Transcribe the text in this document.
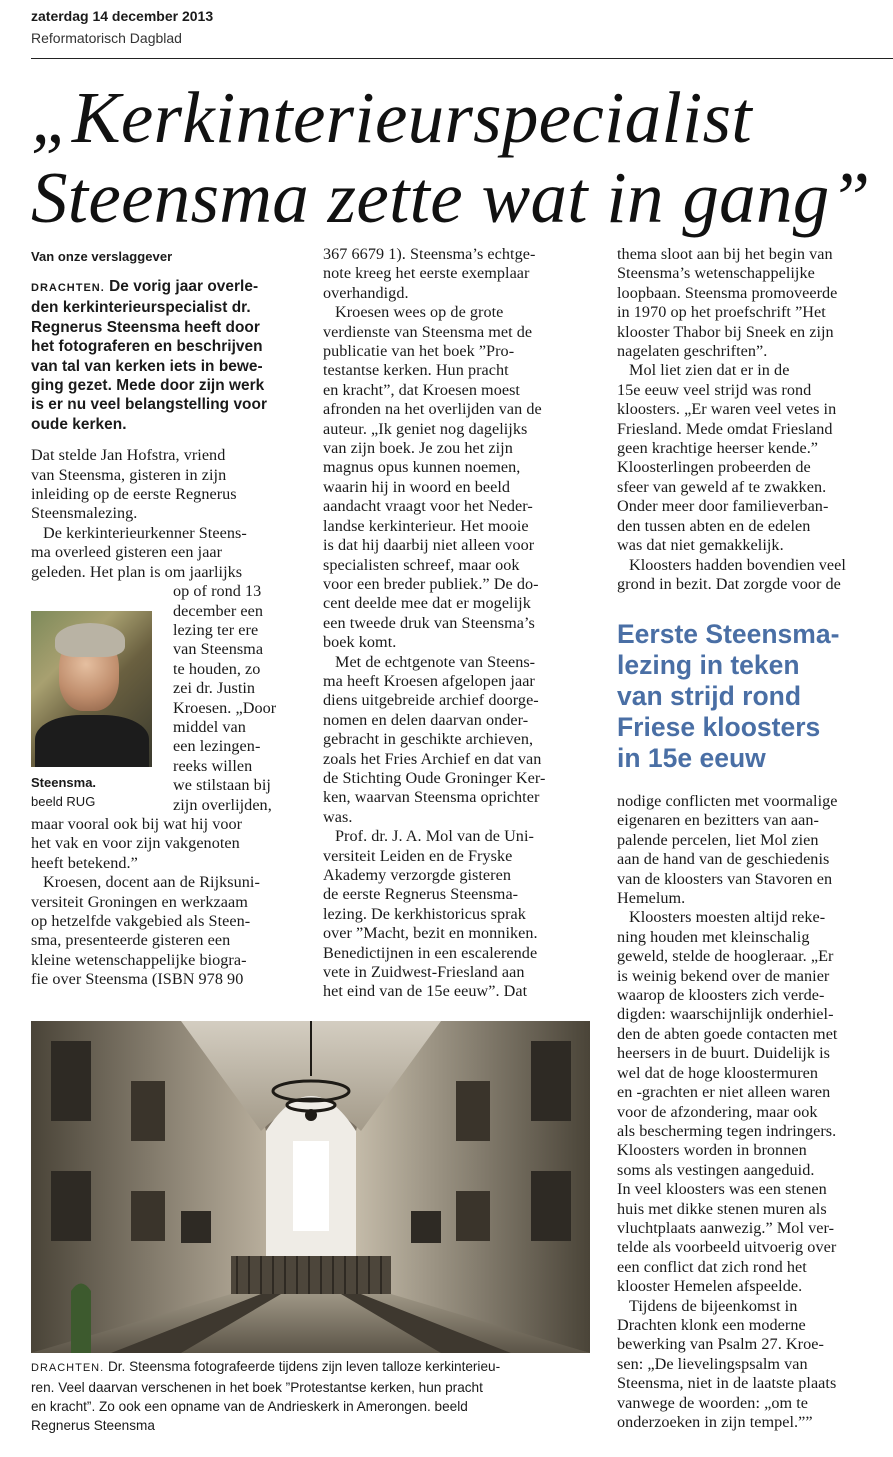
zaterdag 14 december 2013
Reformatorisch Dagblad
„Kerkinterieurspecialist
Steensma zette wat in gang”
Van onze verslaggever
DRACHTEN. De vorig jaar overle-
den kerkinterieurspecialist dr.
Regnerus Steensma heeft door
het fotograferen en beschrijven
van tal van kerken iets in bewe-
ging gezet. Mede door zijn werk
is er nu veel belangstelling voor
oude kerken.
Dat stelde Jan Hofstra, vriend
van Steensma, gisteren in zijn
inleiding op de eerste Regnerus
Steensmalezing.
De kerkinterieurkenner Steens-
ma overleed gisteren een jaar
geleden. Het plan is om jaarlijks
op of rond 13
december een
lezing ter ere
van Steensma
te houden, zo
zei dr. Justin
Kroesen. „Door
middel van
een lezingen-
reeks willen
we stilstaan bij
zijn overlijden,
maar vooral ook bij wat hij voor
het vak en voor zijn vakgenoten
heeft betekend.”
Kroesen, docent aan de Rijksuni-
versiteit Groningen en werkzaam
op hetzelfde vakgebied als Steen-
sma, presenteerde gisteren een
kleine wetenschappelijke biogra-
fie over Steensma (ISBN 978 90
Steensma.
beeld RUG
367 6679 1). Steensma’s echtge-
note kreeg het eerste exemplaar
overhandigd.
Kroesen wees op de grote
verdienste van Steensma met de
publicatie van het boek ”Pro-
testantse kerken. Hun pracht
en kracht”, dat Kroesen moest
afronden na het overlijden van de
auteur. „Ik geniet nog dagelijks
van zijn boek. Je zou het zijn
magnus opus kunnen noemen,
waarin hij in woord en beeld
aandacht vraagt voor het Neder-
landse kerkinterieur. Het mooie
is dat hij daarbij niet alleen voor
specialisten schreef, maar ook
voor een breder publiek.” De do-
cent deelde mee dat er mogelijk
een tweede druk van Steensma’s
boek komt.
Met de echtgenote van Steens-
ma heeft Kroesen afgelopen jaar
diens uitgebreide archief doorge-
nomen en delen daarvan onder-
gebracht in geschikte archieven,
zoals het Fries Archief en dat van
de Stichting Oude Groninger Ker-
ken, waarvan Steensma oprichter
was.
Prof. dr. J. A. Mol van de Uni-
versiteit Leiden en de Fryske
Akademy verzorgde gisteren
de eerste Regnerus Steensma-
lezing. De kerkhistoricus sprak
over ”Macht, bezit en monniken.
Benedictijnen in een escalerende
vete in Zuidwest-Friesland aan
het eind van de 15e eeuw”. Dat
thema sloot aan bij het begin van
Steensma’s wetenschappelijke
loopbaan. Steensma promoveerde
in 1970 op het proefschrift ”Het
klooster Thabor bij Sneek en zijn
nagelaten geschriften”.
Mol liet zien dat er in de
15e eeuw veel strijd was rond
kloosters. „Er waren veel vetes in
Friesland. Mede omdat Friesland
geen krachtige heerser kende.”
Kloosterlingen probeerden de
sfeer van geweld af te zwakken.
Onder meer door familieverban-
den tussen abten en de edelen
was dat niet gemakkelijk.
Kloosters hadden bovendien veel
grond in bezit. Dat zorgde voor de
Eerste Steensma-
lezing in teken
van strijd rond
Friese kloosters
in 15e eeuw
nodige conflicten met voormalige
eigenaren en bezitters van aan-
palende percelen, liet Mol zien
aan de hand van de geschiedenis
van de kloosters van Stavoren en
Hemelum.
Kloosters moesten altijd reke-
ning houden met kleinschalig
geweld, stelde de hoogleraar. „Er
is weinig bekend over de manier
waarop de kloosters zich verde-
digden: waarschijnlijk onderhiel-
den de abten goede contacten met
heersers in de buurt. Duidelijk is
wel dat de hoge kloostermuren
en -grachten er niet alleen waren
voor de afzondering, maar ook
als bescherming tegen indringers.
Kloosters worden in bronnen
soms als vestingen aangeduid.
In veel kloosters was een stenen
huis met dikke stenen muren als
vluchtplaats aanwezig.” Mol ver-
telde als voorbeeld uitvoerig over
een conflict dat zich rond het
klooster Hemelen afspeelde.
Tijdens de bijeenkomst in
Drachten klonk een moderne
bewerking van Psalm 27. Kroe-
sen: „De lievelingspsalm van
Steensma, niet in de laatste plaats
vanwege de woorden: „om te
onderzoeken in zijn tempel.””
DRACHTEN. Dr. Steensma fotografeerde tijdens zijn leven talloze kerkinterieu-
ren. Veel daarvan verschenen in het boek ”Protestantse kerken, hun pracht
en kracht”. Zo ook een opname van de Andrieskerk in Amerongen. beeld
Regnerus Steensma
